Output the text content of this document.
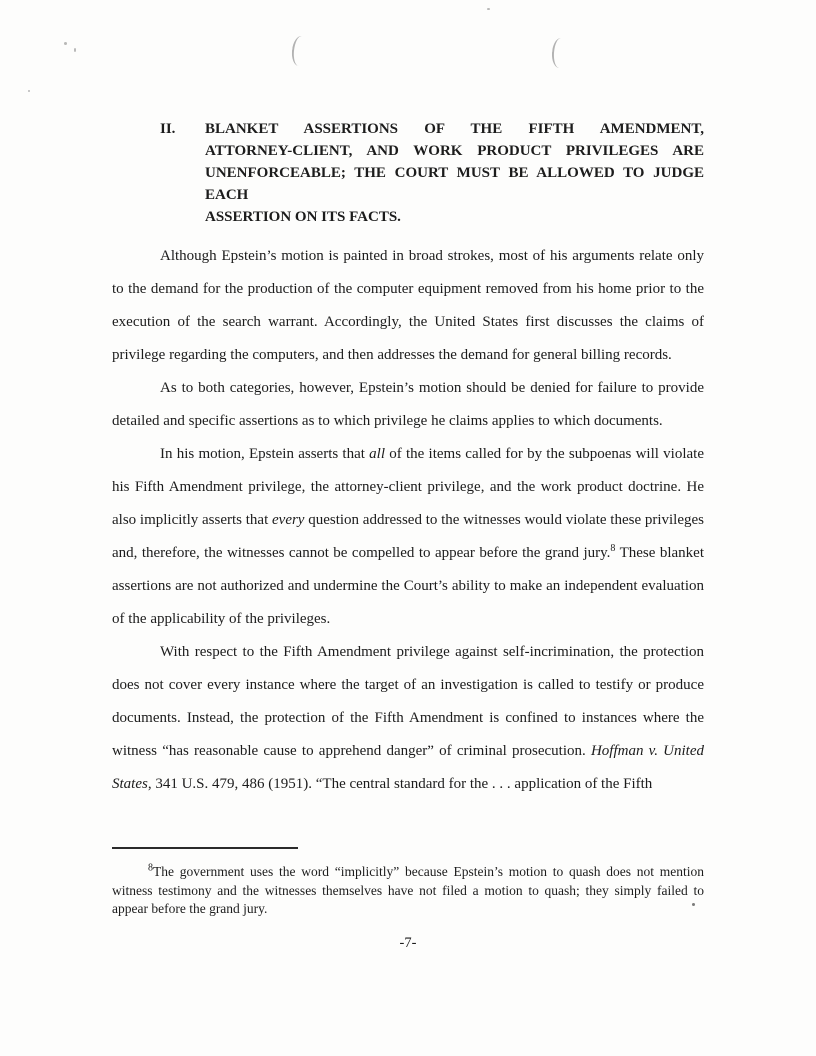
II.	BLANKET ASSERTIONS OF THE FIFTH AMENDMENT,
ATTORNEY-CLIENT, AND WORK PRODUCT PRIVILEGES ARE
UNENFORCEABLE; THE COURT MUST BE ALLOWED TO JUDGE EACH
ASSERTION ON ITS FACTS.

Although Epstein’s motion is painted in broad strokes, most of his arguments relate only to the demand for the production of the computer equipment removed from his home prior to the execution of the search warrant. Accordingly, the United States first discusses the claims of privilege regarding the computers, and then addresses the demand for general billing records.

As to both categories, however, Epstein’s motion should be denied for failure to provide detailed and specific assertions as to which privilege he claims applies to which documents.

In his motion, Epstein asserts that all of the items called for by the subpoenas will violate his Fifth Amendment privilege, the attorney-client privilege, and the work product doctrine. He also implicitly asserts that every question addressed to the witnesses would violate these privileges and, therefore, the witnesses cannot be compelled to appear before the grand jury.$^8$ These blanket assertions are not authorized and undermine the Court’s ability to make an independent evaluation of the applicability of the privileges.

With respect to the Fifth Amendment privilege against self-incrimination, the protection does not cover every instance where the target of an investigation is called to testify or produce documents. Instead, the protection of the Fifth Amendment is confined to instances where the witness “has reasonable cause to apprehend danger” of criminal prosecution. Hoffman v. United States, 341 U.S. 479, 486 (1951). “The central standard for the . . . application of the Fifth

$^8$The government uses the word “implicitly” because Epstein’s motion to quash does not mention witness testimony and the witnesses themselves have not filed a motion to quash; they simply failed to appear before the grand jury.
-7-
